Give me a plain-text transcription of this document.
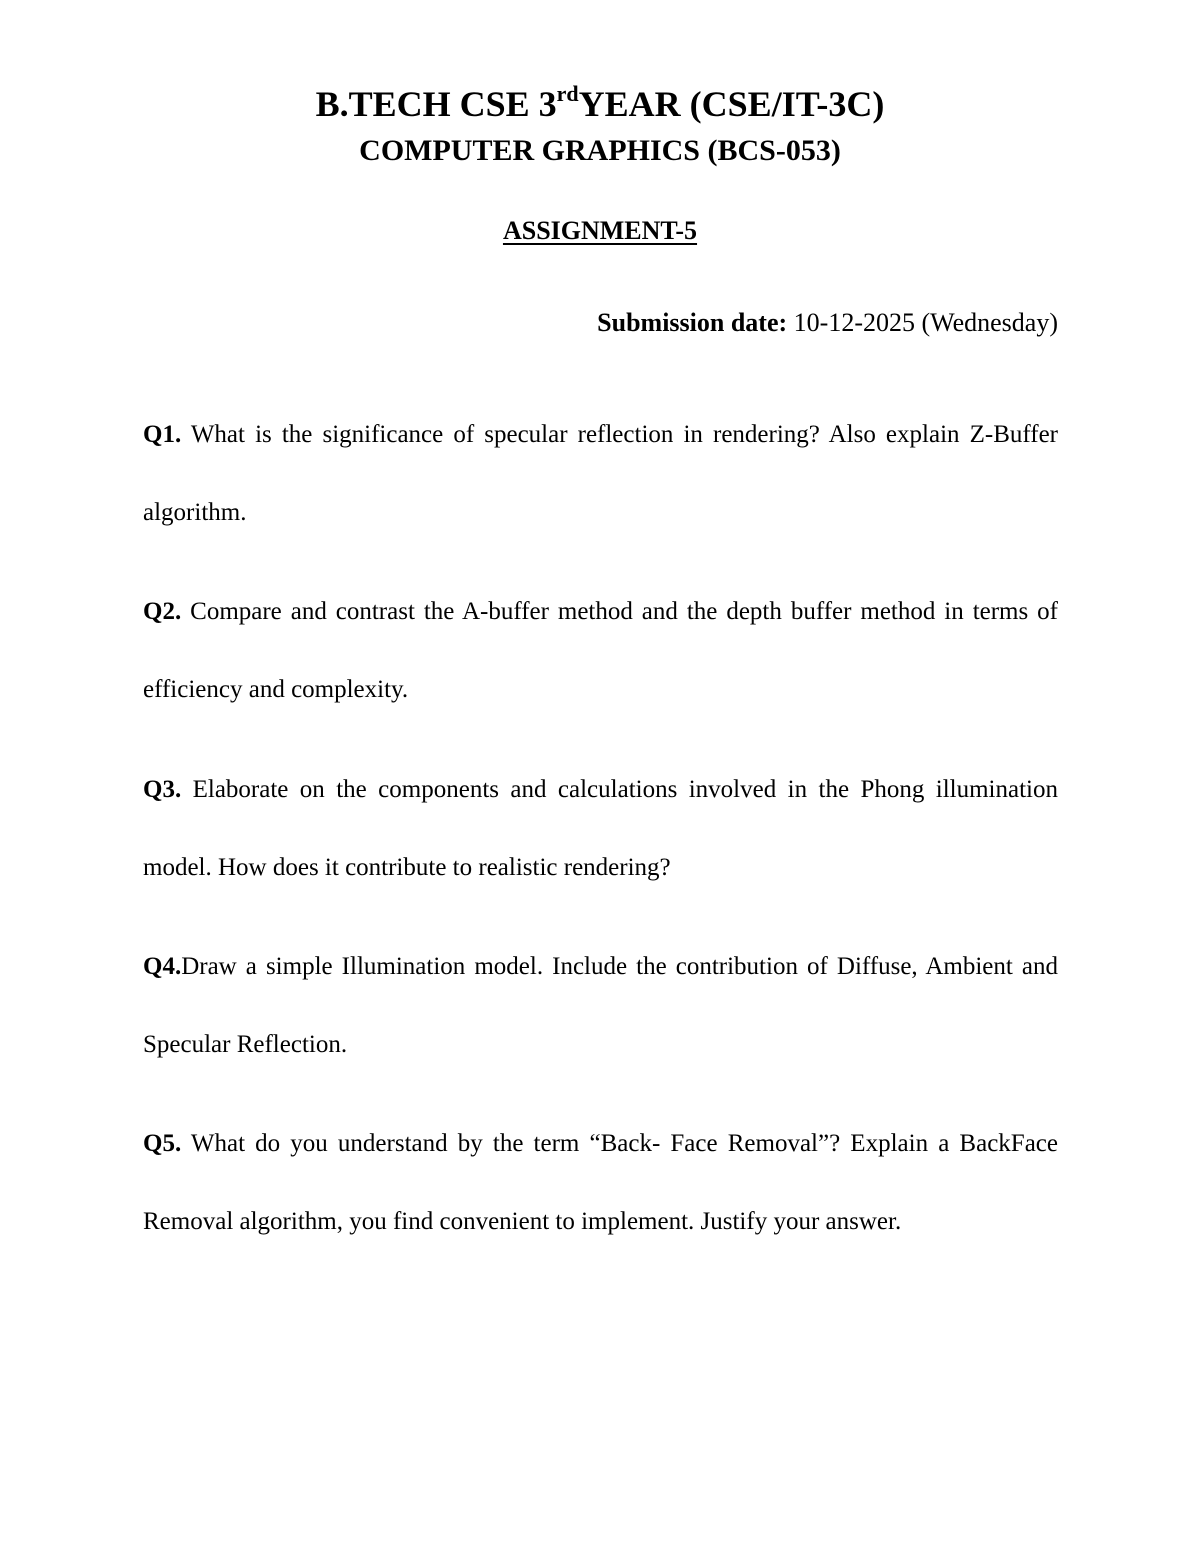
B.TECH CSE 3rdYEAR (CSE/IT-3C)
COMPUTER GRAPHICS (BCS-053)
ASSIGNMENT-5
Submission date: 10-12-2025 (Wednesday)
Q1. What is the significance of specular reflection in rendering? Also explain Z-Buffer algorithm.
Q2. Compare and contrast the A-buffer method and the depth buffer method in terms of efficiency and complexity.
Q3. Elaborate on the components and calculations involved in the Phong illumination model. How does it contribute to realistic rendering?
Q4.Draw a simple Illumination model. Include the contribution of Diffuse, Ambient and Specular Reflection.
Q5. What do you understand by the term “Back- Face Removal”? Explain a BackFace Removal algorithm, you find convenient to implement. Justify your answer.
